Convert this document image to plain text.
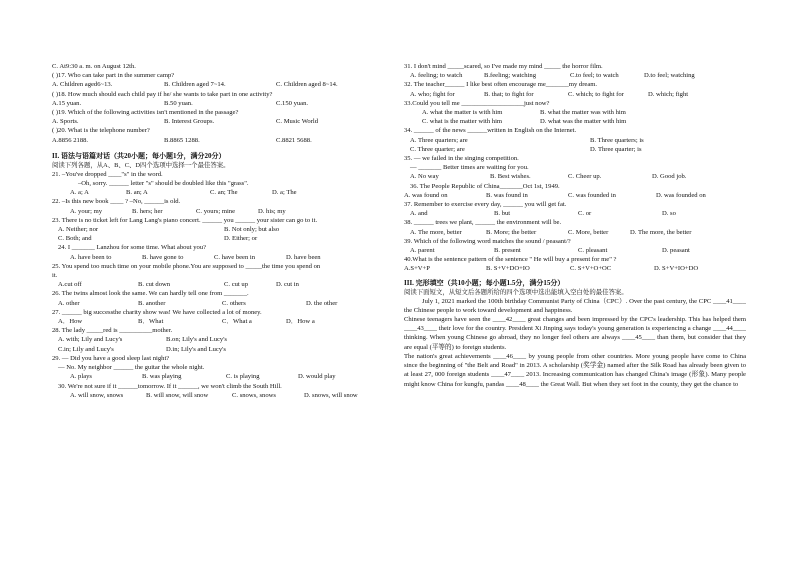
C. At9:30 a. m. on August 12th.
( )17. Who can take part in the summer camp?
A. Children aged6~13.	B. Children aged 7~14.	C. Children aged 8~14.
( )18. How much should each child pay if he/ she wants to take part in one activity?
A.15 yuan.	B.50 yuan.	C.150 yuan.
( )19. Which of the following activities isn't mentioned in the passage?
A. Sports.	B. Interest Groups.	C. Music World
( )20. What is the telephone number?
A.8856 2188.	B.8865 1288.	C.8821 5688.
II. 语法与语篇对话（共20小题；每小题1分，满分20分）
阅读下列各题，从A、B、C、D四个选项中选择一个最佳答案。
21. –You've dropped ____"s" in the word.
–Oh, sorry. ______ letter "s" should be doubled like this "grass".
A. a; A	B. an; A	C. an; The	D. a; The
22. –Is this new book ____ ? –No, ______is old.
A. your; my	B. hers; her	C. yours; mine	D. his; my
23. There is no ticket left for Lang Lang's piano concert. ______ you ______ your sister can go to it.
A. Neither; nor	B. Not only; but also
C. Both; and	D. Either; or
24. I _______ Lanzhou for some time. What about you?
A. have been to	B. have gone to	C. have been in	D. have been
25. You spend too much time on your mobile phone.You are supposed to _____the time you spend on
it.
A.cut off	B. cut down	C. cut up	D. cut in
26. The twins almost look the same. We can hardly tell one from _______.
A. other	B. another	C. others	D. the other
27. ______ big successthe charity show was! We have collected a lot of money.
A．How	B．What	C．What a	D．How a
28. The lady _____red is __________mother.
A. with; Lily and Lucy's	B.on; Lily's and Lucy's
C.in; Lily and Lucy's	D.in; Lily's and Lucy's
29. — Did you have a good sleep last night?
— No. My neighbor ______ the guitar the whole night.
A. plays	B. was playing	C. is playing	D. would play
30. We're not sure if it ______tomorrow. If it ______, we won't climb the South Hill.
A. will snow, snows	B. will snow, will snow	C. snows, snows	D. snows, will snow
31. I don't mind _____scared, so I've made my mind _____ the horror film.
A. feeling; to watch	B.feeling; watching	C.to feel; to watch	D.to feel; watching
32. The teacher______ I like best often encourage me_______my dream.
A. who; fight for	B. that; to fight for	C. which; to fight for	D. which; fight
33.Could you tell me ___________________just now?
A. what the matter is with him	B. what the matter was with him
C. what is the matter with him	D. what was the matter with him
34. ______ of the news ______written in English on the Internet.
A. Three quarters; are	B. Three quarters; is
C. Three quarter; are	D. Three quarter; is
35. — we failed in the singing competition.
— _______ Better times are waiting for you.
A. No way	B. Best wishes.	C. Cheer up.	D. Good job.
36. The People Republic of China_______Oct 1st, 1949.
A. was found on	B. was found in	C. was founded in	D. was founded on
37. Remember to exercise every day, ______ you will get fat.
A. and	B. but	C. or	D. so
38. ______ trees we plant, ______ the environment will be.
A. The more, better	B. More; the better	C. More, better	D. The more, the better
39. Which of the following word matches the sound / peasant/?
A. parent	B. present	C. pleasant	D. peasant
40.What is the sentence pattern of the sentence " He will buy a present for me" ?
A.S+V+P	B. S+V+DO+IO	C. S+V+O+OC	D. S+V+IO+DO
III. 完形填空（共10小题；每小题1.5分，满分15分）
阅读下面短文，从短文后各题所给的四个选项中选出能填入空白处的最佳答案。
July 1, 2021 marked the 100th birthday Communist Party of China（CPC）. Over the past century, the CPC ____41____ the Chinese people to work toward development and happiness.
Chinese teenagers have seen the ____42____ great changes and been impressed by the CPC's leadership. This has helped them ____43____ their love for the country. President Xi Jinping says today's young generation is experiencing a change ____44____ thinking. When young Chinese go abroad, they no longer feel others are always ____45____ than them, but consider that they are equal (平等的) to foreign students.
The nation's great achievements ____46____ by young people from other countries. More young people have come to China since the beginning of "the Belt and Road" in 2013. A scholarship (奖学金) named after the Silk Road has already been given to at least 27, 000 foreign students ____47____ 2013. Increasing communication has changed China's image (形象). Many people might know China for kungfu, pandas ____48____ the Great Wall. But when they set foot in the county, they get the chance to
